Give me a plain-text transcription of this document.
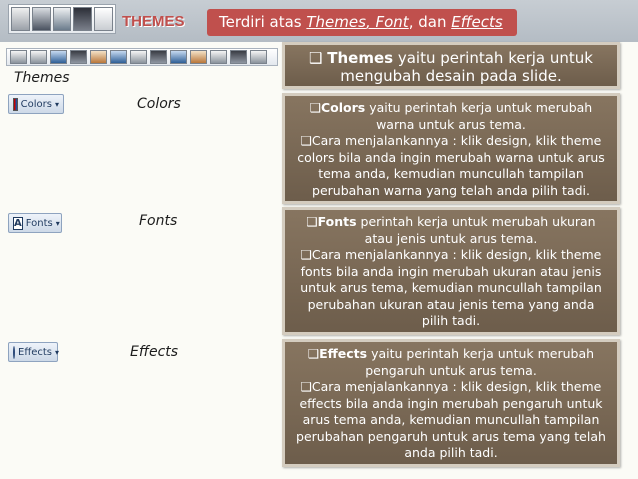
THEMES	Terdiri atas Themes, Font, dan Effects
Themes
Colors ▾	Colors
A Fonts ▾	Fonts
Effects ▾	Effects

❑ Themes yaitu perintah kerja untuk mengubah desain pada slide.

❑Colors yaitu perintah kerja untuk merubah warna untuk arus tema.

❑Cara menjalankannya : klik design, klik theme colors bila anda ingin merubah warna untuk arus tema anda, kemudian muncullah tampilan perubahan warna yang telah anda pilih tadi.

❑Fonts perintah kerja untuk merubah ukuran atau jenis untuk arus tema.

❑Cara menjalankannya : klik design, klik theme fonts bila anda ingin merubah ukuran atau jenis untuk arus tema, kemudian muncullah tampilan perubahan ukuran atau jenis tema yang anda pilih tadi.

❑Effects yaitu perintah kerja untuk merubah pengaruh untuk arus tema.

❑Cara menjalankannya : klik design, klik theme effects bila anda ingin merubah pengaruh untuk arus tema anda, kemudian muncullah tampilan perubahan pengaruh untuk arus tema yang telah anda pilih tadi.
